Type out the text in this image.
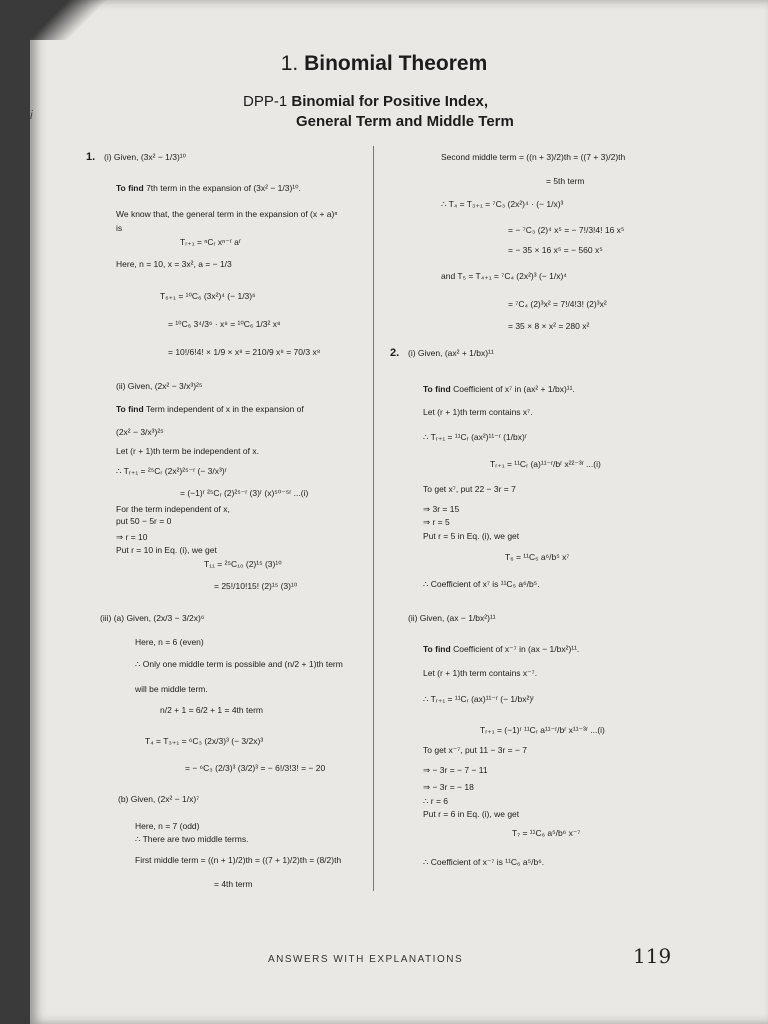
i
1. Binomial Theorem
DPP-1 Binomial for Positive Index,
General Term and Middle Term
1. (i) Given, (3x² − 1/3)¹⁰
To find 7th term in the expansion of (3x² − 1/3)¹⁰.
We know that, the general term in the expansion of (x + a)ⁿ
is
Tᵣ₊₁ = ⁿCᵣ xⁿ⁻ʳ aʳ
Here, n = 10, x = 3x², a = − 1/3
T₆₊₁ = ¹⁰C₆ (3x²)⁴ (− 1/3)⁶
= ¹⁰C₆ 3⁴/3⁶ · x⁸ = ¹⁰C₆ 1/3² x⁸
= 10!/6!4! × 1/9 × x⁸ = 210/9 x⁸ = 70/3 x⁸
(ii) Given, (2x² − 3/x³)²⁵
To find Term independent of x in the expansion of
(2x² − 3/x³)²⁵
Let (r + 1)th term be independent of x.
∴ Tᵣ₊₁ = ²⁵Cᵣ (2x²)²⁵⁻ʳ (− 3/x³)ʳ
= (−1)ʳ ²⁵Cᵣ (2)²⁵⁻ʳ (3)ʳ (x)⁵⁰⁻⁵ʳ ...(i)
For the term independent of x,
put 50 − 5r = 0
⇒ r = 10
Put r = 10 in Eq. (i), we get
T₁₁ = ²⁵C₁₀ (2)¹⁵ (3)¹⁰
= 25!/10!15! (2)¹⁵ (3)¹⁰
(iii) (a) Given, (2x/3 − 3/2x)⁶
Here, n = 6 (even)
∴ Only one middle term is possible and (n/2 + 1)th term
will be middle term.
n/2 + 1 = 6/2 + 1 = 4th term
T₄ = T₃₊₁ = ⁶C₃ (2x/3)³ (− 3/2x)³
= − ⁶C₃ (2/3)³ (3/2)³ = − 6!/3!3! = − 20
(b) Given, (2x² − 1/x)⁷
Here, n = 7 (odd)
∴ There are two middle terms.
First middle term = ((n + 1)/2)th = ((7 + 1)/2)th = (8/2)th
= 4th term
Second middle term = ((n + 3)/2)th = ((7 + 3)/2)th
= 5th term
∴ T₄ = T₃₊₁ = ⁷C₃ (2x²)⁴ · (− 1/x)³
= − ⁷C₃ (2)⁴ x⁵ = − 7!/3!4! 16 x⁵
= − 35 × 16 x⁵ = − 560 x⁵
and T₅ = T₄₊₁ = ⁷C₄ (2x²)³ (− 1/x)⁴
= ⁷C₄ (2)³x² = 7!/4!3! (2)³x²
= 35 × 8 × x² = 280 x²
2. (i) Given, (ax² + 1/bx)¹¹
To find Coefficient of x⁷ in (ax² + 1/bx)¹¹.
Let (r + 1)th term contains x⁷.
∴ Tᵣ₊₁ = ¹¹Cᵣ (ax²)¹¹⁻ʳ (1/bx)ʳ
Tᵣ₊₁ = ¹¹Cᵣ (a)¹¹⁻ʳ/bʳ x²²⁻³ʳ ...(i)
To get x⁷, put 22 − 3r = 7
⇒ 3r = 15
⇒ r = 5
Put r = 5 in Eq. (i), we get
T₆ = ¹¹C₅ a⁶/b⁵ x⁷
∴ Coefficient of x⁷ is ¹¹C₅ a⁶/b⁵.
(ii) Given, (ax − 1/bx²)¹¹
To find Coefficient of x⁻⁷ in (ax − 1/bx²)¹¹.
Let (r + 1)th term contains x⁻⁷.
∴ Tᵣ₊₁ = ¹¹Cᵣ (ax)¹¹⁻ʳ (− 1/bx²)ʳ
Tᵣ₊₁ = (−1)ʳ ¹¹Cᵣ a¹¹⁻ʳ/bʳ x¹¹⁻³ʳ ...(i)
To get x⁻⁷, put 11 − 3r = − 7
⇒ − 3r = − 7 − 11
⇒ − 3r = − 18
∴ r = 6
Put r = 6 in Eq. (i), we get
T₇ = ¹¹C₆ a⁵/b⁶ x⁻⁷
∴ Coefficient of x⁻⁷ is ¹¹C₆ a⁵/b⁶.
ANSWERS WITH EXPLANATIONS	119
